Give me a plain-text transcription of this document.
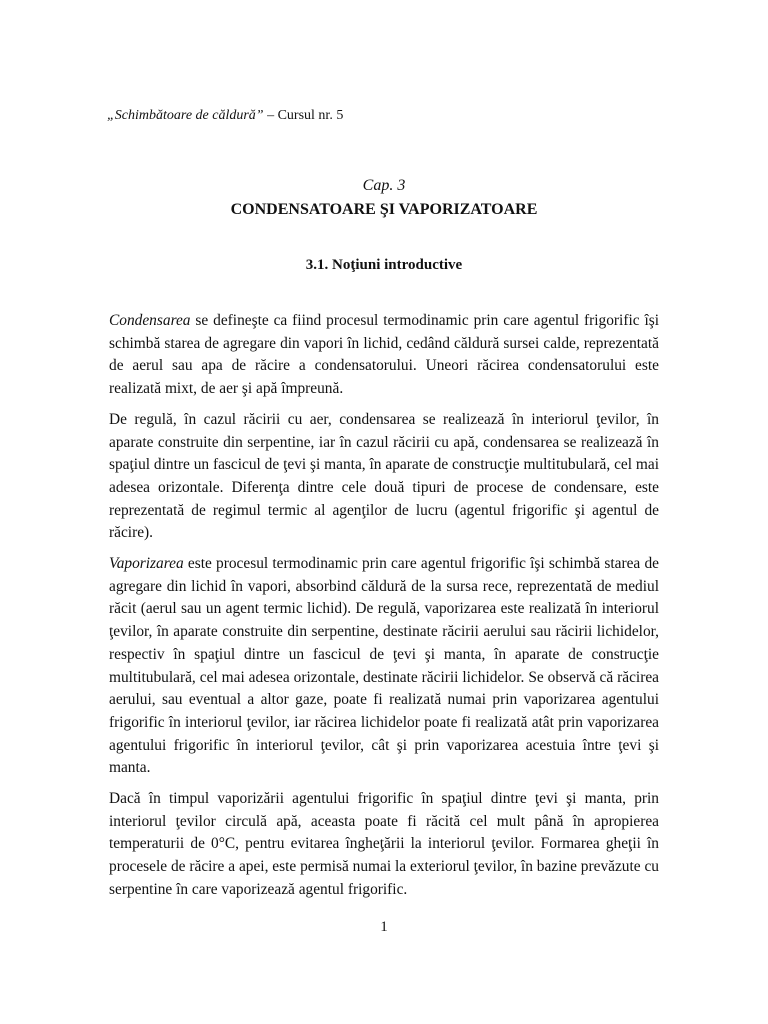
„Schimbătoare de căldură” – Cursul nr. 5
Cap. 3
CONDENSATOARE ŞI VAPORIZATOARE
3.1. Noţiuni introductive

Condensarea se defineşte ca fiind procesul termodinamic prin care agentul frigorific îşi schimbă starea de agregare din vapori în lichid, cedând căldură sursei calde, reprezentată de aerul sau apa de răcire a condensatorului. Uneori răcirea condensatorului este realizată mixt, de aer şi apă împreună.

De regulă, în cazul răcirii cu aer, condensarea se realizează în interiorul ţevilor, în aparate construite din serpentine, iar în cazul răcirii cu apă, condensarea se realizează în spaţiul dintre un fascicul de ţevi şi manta, în aparate de construcţie multitubulară, cel mai adesea orizontale. Diferenţa dintre cele două tipuri de procese de condensare, este reprezentată de regimul termic al agenţilor de lucru (agentul frigorific şi agentul de răcire).

Vaporizarea este procesul termodinamic prin care agentul frigorific îşi schimbă starea de agregare din lichid în vapori, absorbind căldură de la sursa rece, reprezentată de mediul răcit (aerul sau un agent termic lichid). De regulă, vaporizarea este realizată în interiorul ţevilor, în aparate construite din serpentine, destinate răcirii aerului sau răcirii lichidelor, respectiv în spaţiul dintre un fascicul de ţevi şi manta, în aparate de construcţie multitubulară, cel mai adesea orizontale, destinate răcirii lichidelor. Se observă că răcirea aerului, sau eventual a altor gaze, poate fi realizată numai prin vaporizarea agentului frigorific în interiorul ţevilor, iar răcirea lichidelor poate fi realizată atât prin vaporizarea agentului frigorific în interiorul ţevilor, cât şi prin vaporizarea acestuia între ţevi şi manta.

Dacă în timpul vaporizării agentului frigorific în spaţiul dintre ţevi şi manta, prin interiorul ţevilor circulă apă, aceasta poate fi răcită cel mult până în apropierea temperaturii de 0°C, pentru evitarea îngheţării la interiorul ţevilor. Formarea gheţii în procesele de răcire a apei, este permisă numai la exteriorul ţevilor, în bazine prevăzute cu serpentine în care vaporizează agentul frigorific.

1
